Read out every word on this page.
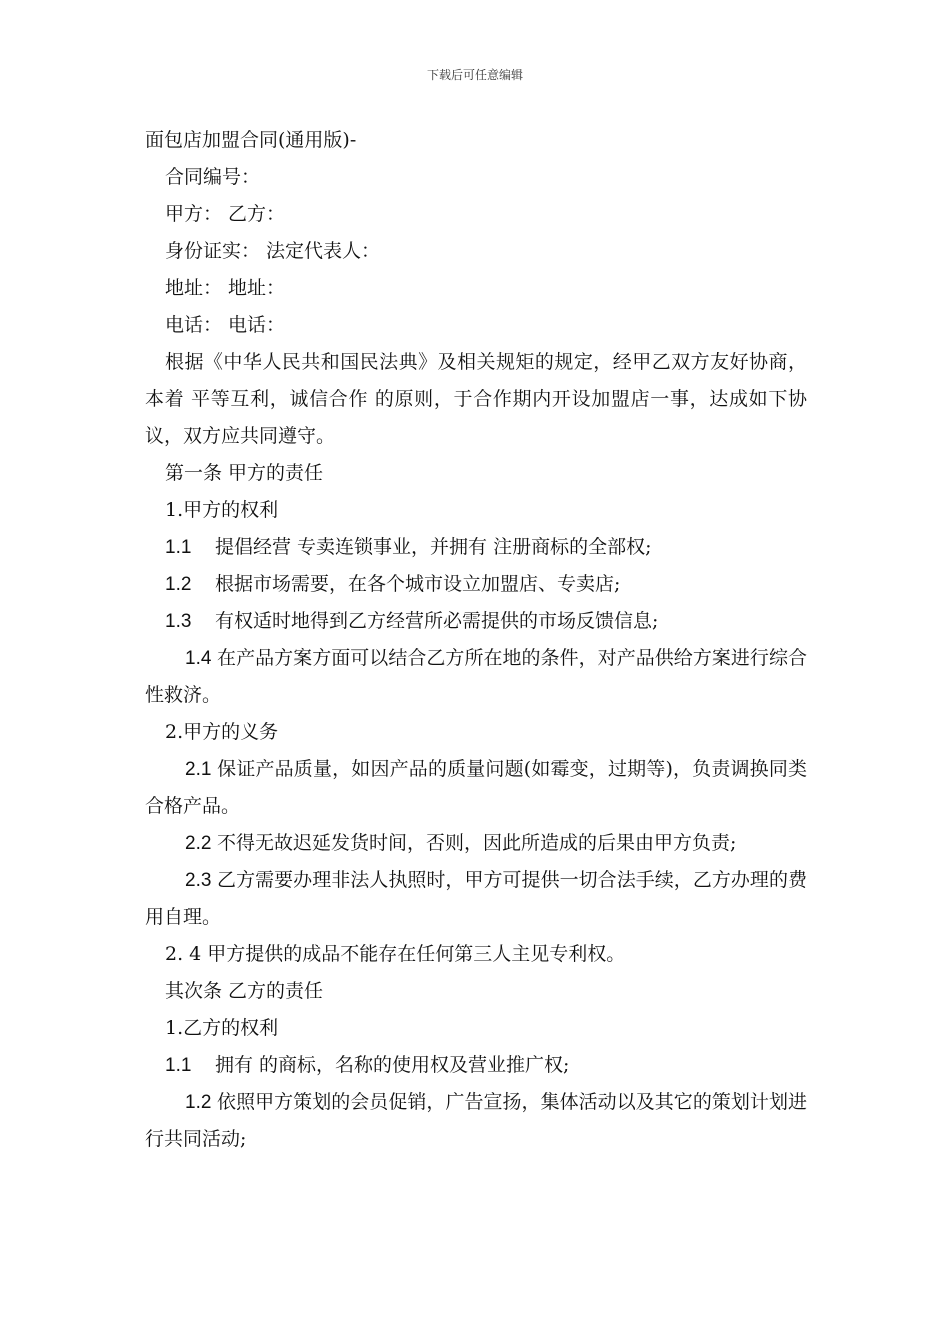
下载后可任意编辑
面包店加盟合同(通用版)-
合同编号：
甲方： 乙方：
身份证实： 法定代表人：
地址： 地址：
电话： 电话：
根据《中华人民共和国民法典》及相关规矩的规定，经甲乙双方友好协商，本着 平等互利，诚信合作 的原则，于合作期内开设加盟店一事，达成如下协议，双方应共同遵守。
第一条 甲方的责任
1.甲方的权利
1.1 提倡经营 专卖连锁事业，并拥有 注册商标的全部权;
1.2 根据市场需要，在各个城市设立加盟店、专卖店;
1.3 有权适时地得到乙方经营所必需提供的市场反馈信息;
1.4 在产品方案方面可以结合乙方所在地的条件，对产品供给方案进行综合性救济。
2.甲方的义务
2.1 保证产品质量，如因产品的质量问题(如霉变，过期等)，负责调换同类合格产品。
2.2 不得无故迟延发货时间，否则，因此所造成的后果由甲方负责;
2.3 乙方需要办理非法人执照时，甲方可提供一切合法手续，乙方办理的费用自理。
2. 4 甲方提供的成品不能存在任何第三人主见专利权。
其次条 乙方的责任
1.乙方的权利
1.1 拥有 的商标，名称的使用权及营业推广权;
1.2 依照甲方策划的会员促销，广告宣扬，集体活动以及其它的策划计划进行共同活动;
